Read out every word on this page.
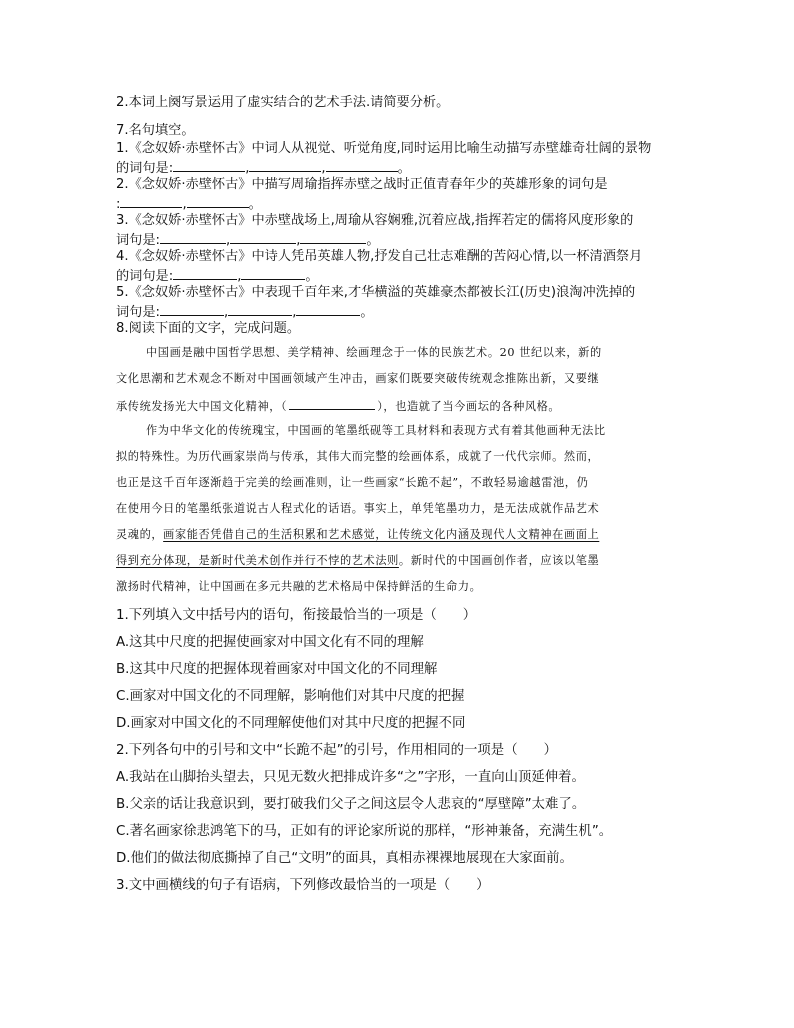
2.本词上阕写景运用了虚实结合的艺术手法.请简要分析。
7.名句填空。
1.《念奴娇·赤壁怀古》中词人从视觉、听觉角度,同时运用比喻生动描写赤壁雄奇壮阔的景物
的词句是:	,	,	。
2.《念奴娇·赤壁怀古》中描写周瑜指挥赤壁之战时正值青春年少的英雄形象的词句是
:	,	。
3.《念奴娇·赤壁怀古》中赤壁战场上,周瑜从容娴雅,沉着应战,指挥若定的儒将风度形象的
词句是:	,	,	。
4.《念奴娇·赤壁怀古》中诗人凭吊英雄人物,抒发自己壮志难酬的苦闷心情,以一杯清酒祭月
的词句是:	,	。
5.《念奴娇·赤壁怀古》中表现千百年来,才华横溢的英雄豪杰都被长江(历史)浪淘冲洗掉的
词句是:	,	,	。
8.阅读下面的文字，完成问题。
中国画是融中国哲学思想、美学精神、绘画理念于一体的民族艺术。20 世纪以来，新的
文化思潮和艺术观念不断对中国画领域产生冲击，画家们既要突破传统观念推陈出新，又要继
承传统发扬光大中国文化精神，（	），也造就了当今画坛的各种风格。
作为中华文化的传统瑰宝，中国画的笔墨纸砚等工具材料和表现方式有着其他画种无法比
拟的特殊性。为历代画家崇尚与传承，其伟大而完整的绘画体系，成就了一代代宗师。然而，
也正是这千百年逐渐趋于完美的绘画准则，让一些画家“长跪不起”，不敢轻易逾越雷池，仍
在使用今日的笔墨纸张道说古人程式化的话语。事实上，单凭笔墨功力，是无法成就作品艺术
灵魂的，画家能否凭借自己的生活积累和艺术感觉，让传统文化内涵及现代人文精神在画面上
得到充分体现，是新时代美术创作并行不悖的艺术法则。新时代的中国画创作者，应该以笔墨
激扬时代精神，让中国画在多元共融的艺术格局中保持鲜活的生命力。
1.下列填入文中括号内的语句，衔接最恰当的一项是（ ）
A.这其中尺度的把握使画家对中国文化有不同的理解
B.这其中尺度的把握体现着画家对中国文化的不同理解
C.画家对中国文化的不同理解，影响他们对其中尺度的把握
D.画家对中国文化的不同理解使他们对其中尺度的把握不同
2.下列各句中的引号和文中“长跪不起”的引号，作用相同的一项是（ ）
A.我站在山脚抬头望去，只见无数火把排成许多“之”字形，一直向山顶延伸着。
B.父亲的话让我意识到，要打破我们父子之间这层令人悲哀的“厚壁障”太难了。
C.著名画家徐悲鸿笔下的马，正如有的评论家所说的那样，“形神兼备，充满生机”。
D.他们的做法彻底撕掉了自己“文明”的面具，真相赤裸裸地展现在大家面前。
3.文中画横线的句子有语病，下列修改最恰当的一项是（ ）
